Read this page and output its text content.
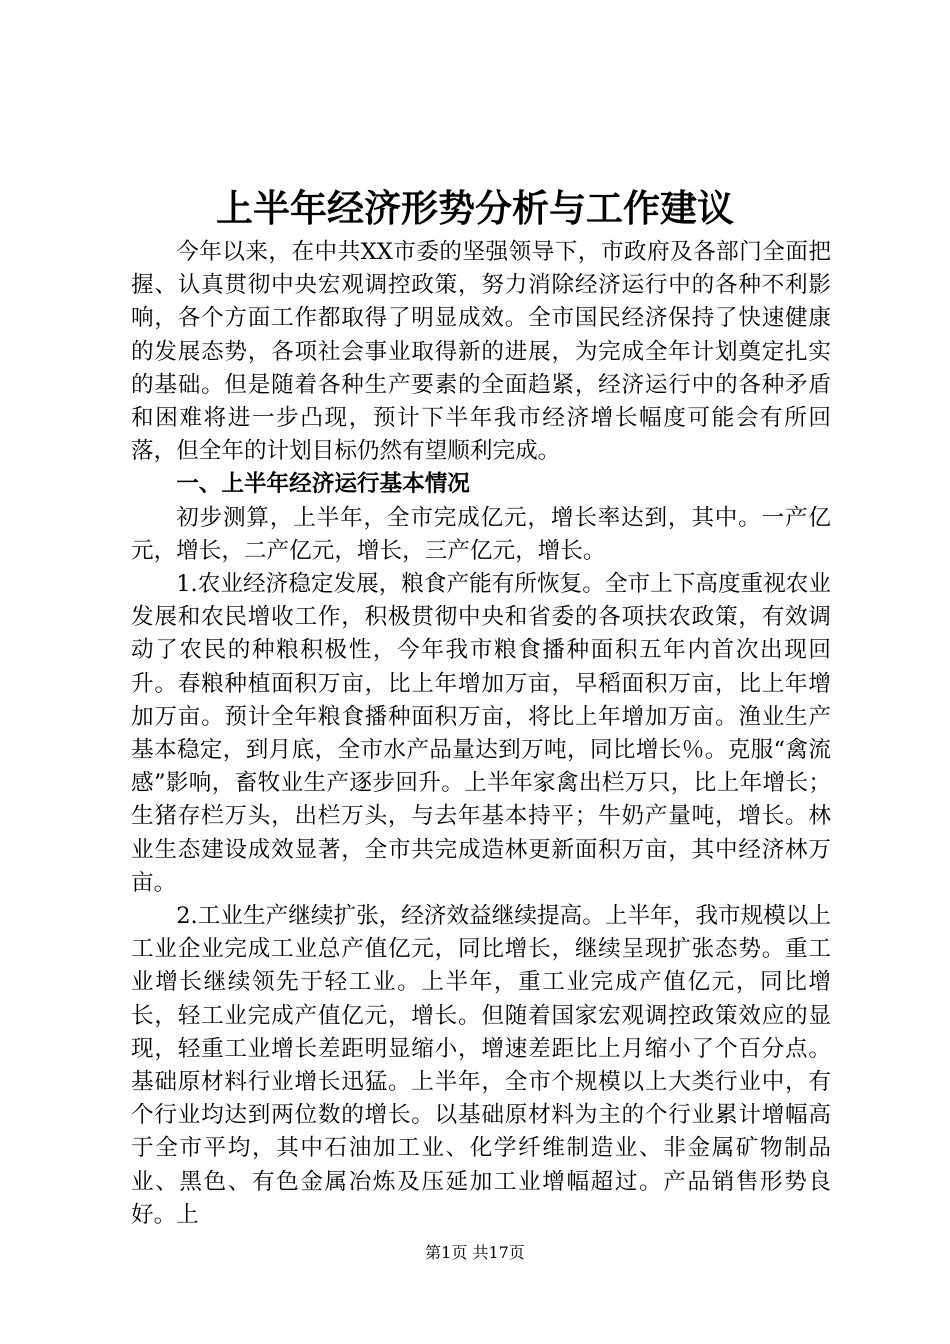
上半年经济形势分析与工作建议

今年以来，在中共XX市委的坚强领导下，市政府及各部门全面把握、认真贯彻中央宏观调控政策，努力消除经济运行中的各种不利影响，各个方面工作都取得了明显成效。全市国民经济保持了快速健康的发展态势，各项社会事业取得新的进展，为完成全年计划奠定扎实的基础。但是随着各种生产要素的全面趋紧，经济运行中的各种矛盾和困难将进一步凸现，预计下半年我市经济增长幅度可能会有所回落，但全年的计划目标仍然有望顺利完成。

一、上半年经济运行基本情况

初步测算，上半年，全市完成亿元，增长率达到，其中。一产亿元，增长，二产亿元，增长，三产亿元，增长。

1.农业经济稳定发展，粮食产能有所恢复。全市上下高度重视农业发展和农民增收工作，积极贯彻中央和省委的各项扶农政策，有效调动了农民的种粮积极性，今年我市粮食播种面积五年内首次出现回升。春粮种植面积万亩，比上年增加万亩，早稻面积万亩，比上年增加万亩。预计全年粮食播种面积万亩，将比上年增加万亩。渔业生产基本稳定，到月底，全市水产品量达到万吨，同比增长％。克服“禽流感”影响，畜牧业生产逐步回升。上半年家禽出栏万只，比上年增长；生猪存栏万头，出栏万头，与去年基本持平；牛奶产量吨，增长。林业生态建设成效显著，全市共完成造林更新面积万亩，其中经济林万亩。

2.工业生产继续扩张，经济效益继续提高。上半年，我市规模以上工业企业完成工业总产值亿元，同比增长，继续呈现扩张态势。重工业增长继续领先于轻工业。上半年，重工业完成产值亿元，同比增长，轻工业完成产值亿元，增长。但随着国家宏观调控政策效应的显现，轻重工业增长差距明显缩小，增速差距比上月缩小了个百分点。基础原材料行业增长迅猛。上半年，全市个规模以上大类行业中，有个行业均达到两位数的增长。以基础原材料为主的个行业累计增幅高于全市平均，其中石油加工业、化学纤维制造业、非金属矿物制品业、黑色、有色金属冶炼及压延加工业增幅超过。产品销售形势良好。上

第1页 共17页
